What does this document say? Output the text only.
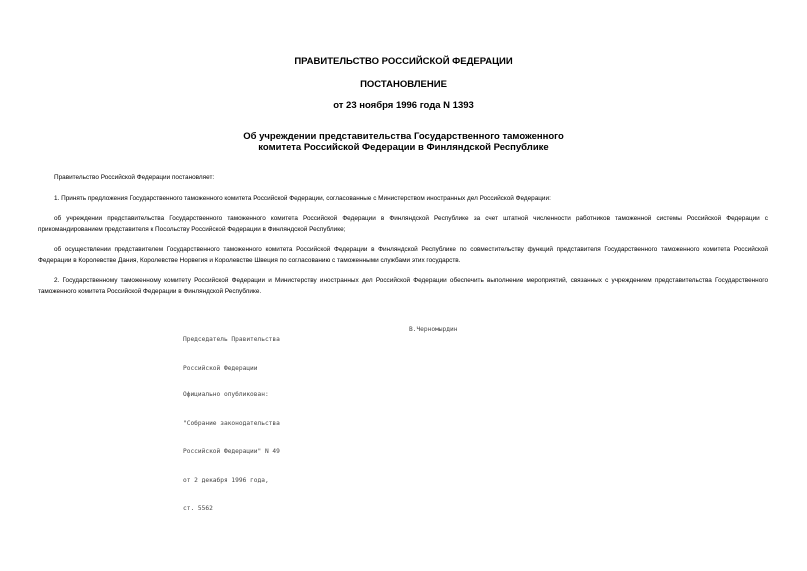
ПРАВИТЕЛЬСТВО РОССИЙСКОЙ ФЕДЕРАЦИИ

ПОСТАНОВЛЕНИЕ

от 23 ноября 1996 года N 1393

Об учреждении представительства Государственного таможенного
комитета Российской Федерации в Финляндской Республике

Правительство Российской Федерации постановляет:

1. Принять предложения Государственного таможенного комитета Российской Федерации, согласованные с Министерством иностранных дел Российской Федерации:

об учреждении представительства Государственного таможенного комитета Российской Федерации в Финляндской Республике за счет штатной численности работников таможенной системы Российской Федерации с прикомандированием представителя к Посольству Российской Федерации в Финляндской Республике;

об осуществлении представителем Государственного таможенного комитета Российской Федерации в Финляндской Республике по совместительству функций представителя Государственного таможенного комитета Российской Федерации в Королевстве Дания, Королевстве Норвегия и Королевстве Швеция по согласованию с таможенными службами этих государств.

2. Государственному таможенному комитету Российской Федерации и Министерству иностранных дел Российской Федерации обеспечить выполнение мероприятий, связанных с учреждением представительства Государственного таможенного комитета Российской Федерации в Финляндской Республике.

Председатель Правительства

Российской Федерации

В.Черномырдин

Официально опубликован:

"Собрание законодательства

Российской Федерации" N 49

от 2 декабря 1996 года,

ст. 5562
